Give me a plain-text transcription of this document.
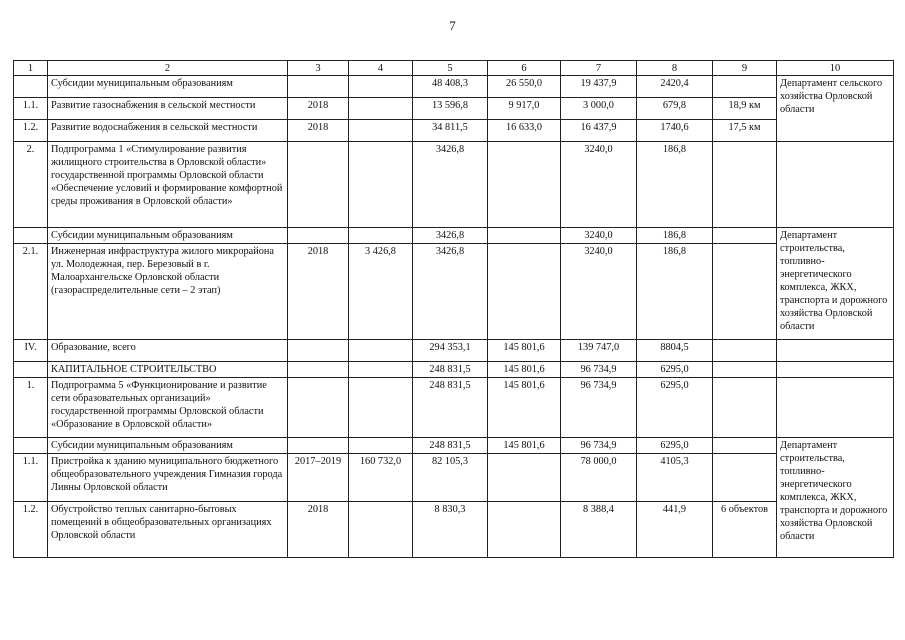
7
1	2	3	4	5	6	7	8	9	10
	Субсидии муниципальным образованиям			48 408,3	26 550,0	19 437,9	2420,4		Департамент сельского хозяйства Орловской области
1.1.	Развитие газоснабжения в сельской местности	2018		13 596,8	9 917,0	3 000,0	679,8	18,9 км	
1.2.	Развитие водоснабжения в сельской местности	2018		34 811,5	16 633,0	16 437,9	1740,6	17,5 км	
2.	Подпрограмма 1 «Стимулирование развития жилищного строительства в Орловской области» государственной программы Орловской области «Обеспечение условий и формирование комфортной среды проживания в Орловской области»			3426,8		3240,0	186,8		
	Субсидии муниципальным образованиям			3426,8		3240,0	186,8		Департамент строительства, топливно-энергетического комплекса, ЖКХ, транспорта и дорожного хозяйства Орловской области
2.1.	Инженерная инфраструктура жилого микрорайона ул. Молодежная, пер. Березовый в г. Малоархангельске Орловской области (газораспределительные сети – 2 этап)	2018	3 426,8	3426,8		3240,0	186,8		
IV.	Образование, всего			294 353,1	145 801,6	139 747,0	8804,5		
	КАПИТАЛЬНОЕ СТРОИТЕЛЬСТВО			248 831,5	145 801,6	96 734,9	6295,0		
1.	Подпрограмма 5 «Функционирование и развитие сети образовательных организаций» государственной программы Орловской области «Образование в Орловской области»			248 831,5	145 801,6	96 734,9	6295,0		
	Субсидии муниципальным образованиям			248 831,5	145 801,6	96 734,9	6295,0		Департамент строительства, топливно-энергетического комплекса, ЖКХ, транспорта и дорожного хозяйства Орловской области
1.1.	Пристройка к зданию муниципального бюджетного общеобразовательного учреждения Гимназия города Ливны Орловской области	2017–2019	160 732,0	82 105,3		78 000,0	4105,3		
1.2.	Обустройство теплых санитарно-бытовых помещений в общеобразовательных организациях Орловской области	2018		8 830,3		8 388,4	441,9	6 объектов	
